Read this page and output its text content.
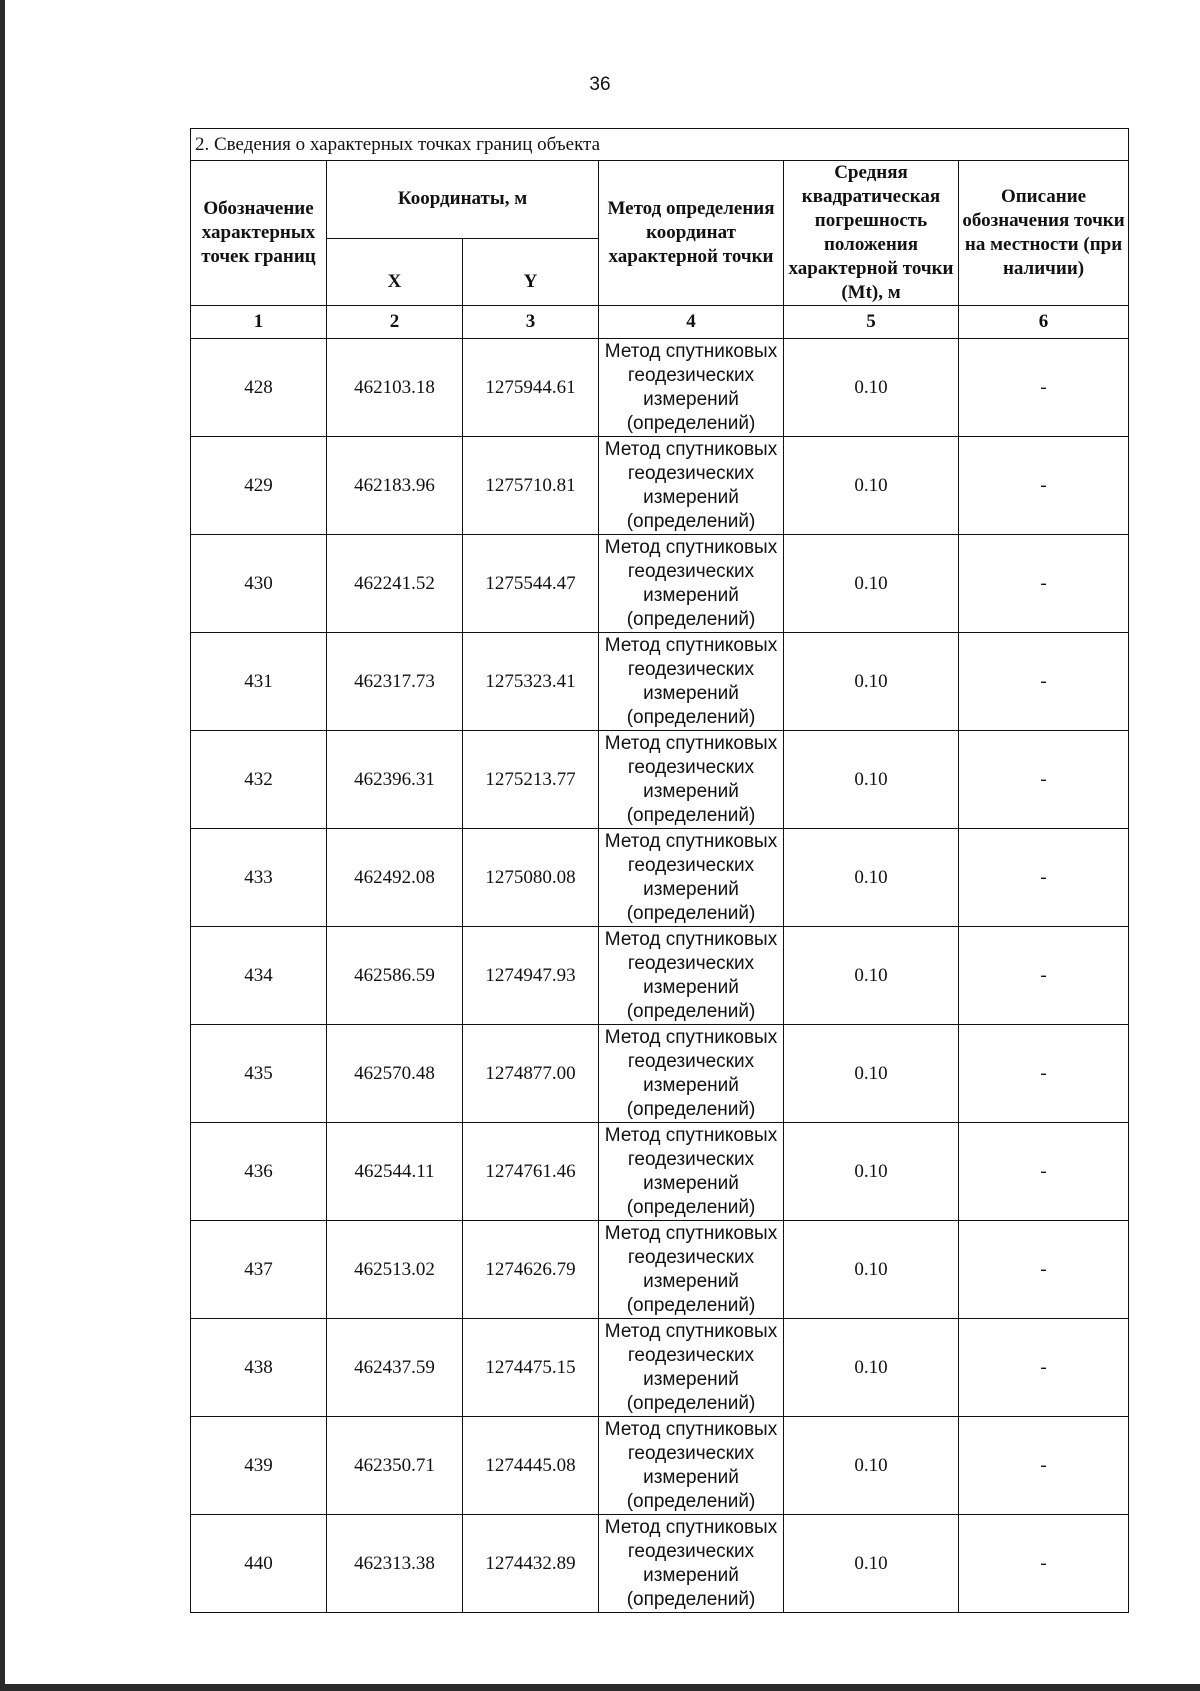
36
2. Сведения о характерных точках границ объекта					
Обозначение характерных точек границ	Координаты, м		Метод определения координат характерной точки	Средняя квадратическая погрешность положения характерной точки (Mt), м	Описание обозначения точки на местности (при наличии)
	X	Y			
1	2	3	4	5	6
428	462103.18	1275944.61	Метод спутниковых геодезических измерений (определений)	0.10	-
429	462183.96	1275710.81	Метод спутниковых геодезических измерений (определений)	0.10	-
430	462241.52	1275544.47	Метод спутниковых геодезических измерений (определений)	0.10	-
431	462317.73	1275323.41	Метод спутниковых геодезических измерений (определений)	0.10	-
432	462396.31	1275213.77	Метод спутниковых геодезических измерений (определений)	0.10	-
433	462492.08	1275080.08	Метод спутниковых геодезических измерений (определений)	0.10	-
434	462586.59	1274947.93	Метод спутниковых геодезических измерений (определений)	0.10	-
435	462570.48	1274877.00	Метод спутниковых геодезических измерений (определений)	0.10	-
436	462544.11	1274761.46	Метод спутниковых геодезических измерений (определений)	0.10	-
437	462513.02	1274626.79	Метод спутниковых геодезических измерений (определений)	0.10	-
438	462437.59	1274475.15	Метод спутниковых геодезических измерений (определений)	0.10	-
439	462350.71	1274445.08	Метод спутниковых геодезических измерений (определений)	0.10	-
440	462313.38	1274432.89	Метод спутниковых геодезических измерений (определений)	0.10	-
